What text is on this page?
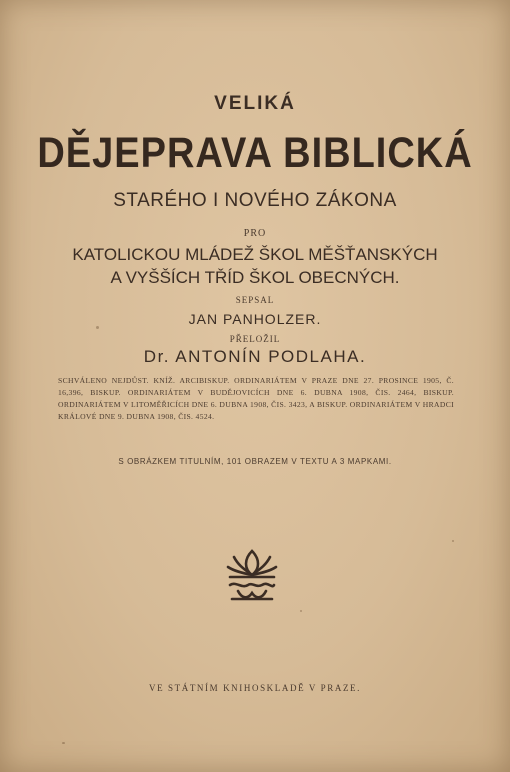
VELIKÁ
DĚJEPRAVA BIBLICKÁ
STARÉHO I NOVÉHO ZÁKONA
PRO
KATOLICKOU MLÁDEŽ ŠKOL MĚŠŤANSKÝCH
A VYŠŠÍCH TŘÍD ŠKOL OBECNÝCH.
SEPSAL
JAN PANHOLZER.
PŘELOŽIL
Dr. ANTONÍN PODLAHA.
SCHVÁLENO NEJDŮST. KNÍŽ. ARCIBISKUP. ORDINARIÁTEM V PRAZE DNE 27. PROSINCE 1905, Č. 16,396, BISKUP. ORDINARIÁTEM V BUDĚJOVICÍCH DNE 6. DUBNA 1908, ČIS. 2464, BISKUP. ORDINARIÁTEM V LITOMĚŘICÍCH DNE 6. DUBNA 1908, ČIS. 3423, A BISKUP. ORDINARIÁTEM V HRADCI KRÁLOVÉ DNE 9. DUBNA 1908, ČIS. 4524.
S OBRÁZKEM TITULNÍM, 101 OBRAZEM V TEXTU A 3 MAPKAMI.
VE STÁTNÍM KNIHOSKLADĚ V PRAZE.
